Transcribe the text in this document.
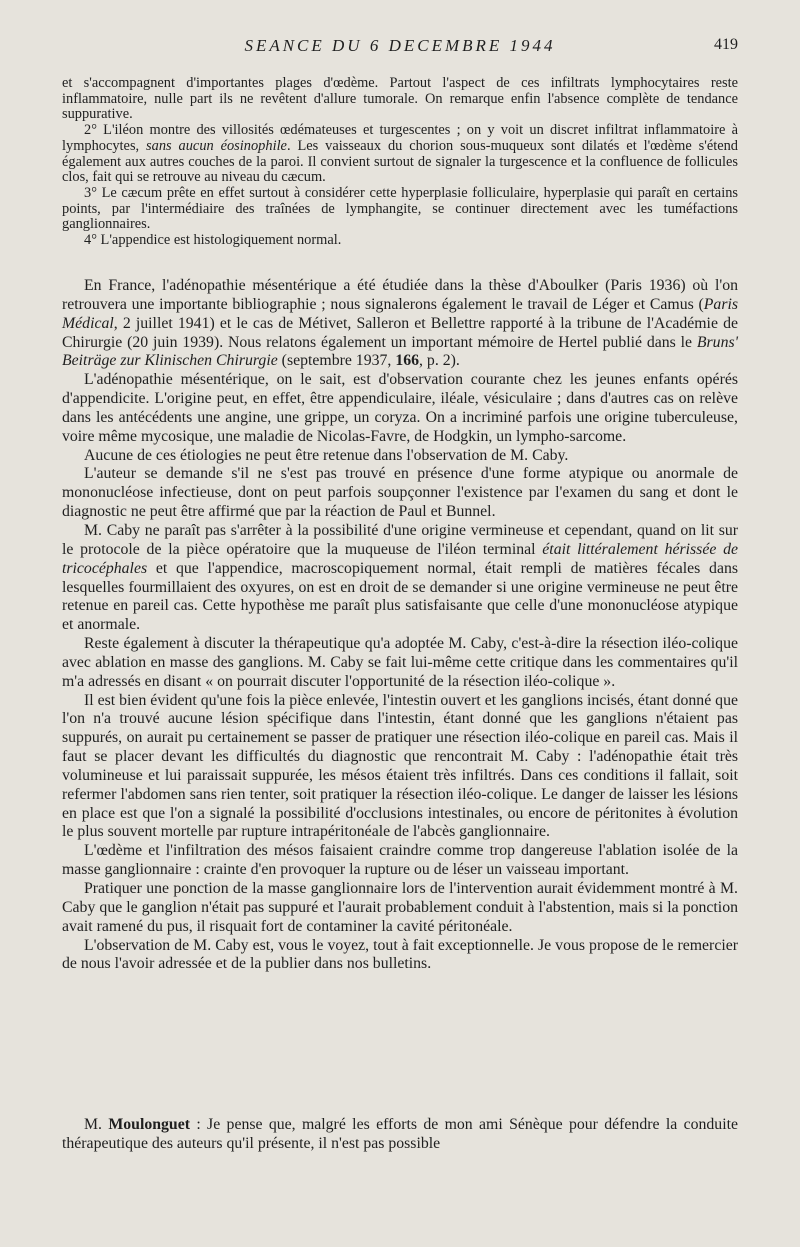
SEANCE DU 6 DECEMBRE 1944	419

et s'accompagnent d'importantes plages d'œdème. Partout l'aspect de ces infiltrats lymphocytaires reste inflammatoire, nulle part ils ne revêtent d'allure tumorale. On remarque enfin l'absence complète de tendance suppurative.

2° L'iléon montre des villosités œdémateuses et turgescentes ; on y voit un discret infiltrat inflammatoire à lymphocytes, sans aucun éosinophile. Les vaisseaux du chorion sous-muqueux sont dilatés et l'œdème s'étend également aux autres couches de la paroi. Il convient surtout de signaler la turgescence et la confluence de follicules clos, fait qui se retrouve au niveau du cæcum.

3° Le cæcum prête en effet surtout à considérer cette hyperplasie folliculaire, hyperplasie qui paraît en certains points, par l'intermédiaire des traînées de lymphangite, se continuer directement avec les tuméfactions ganglionnaires.

4° L'appendice est histologiquement normal.

En France, l'adénopathie mésentérique a été étudiée dans la thèse d'Aboulker (Paris 1936) où l'on retrouvera une importante bibliographie ; nous signalerons également le travail de Léger et Camus (Paris Médical, 2 juillet 1941) et le cas de Métivet, Salleron et Bellettre rapporté à la tribune de l'Académie de Chirurgie (20 juin 1939). Nous relatons également un important mémoire de Hertel publié dans le Bruns' Beiträge zur Klinischen Chirurgie (septembre 1937, 166, p. 2).

L'adénopathie mésentérique, on le sait, est d'observation courante chez les jeunes enfants opérés d'appendicite. L'origine peut, en effet, être appendiculaire, iléale, vésiculaire ; dans d'autres cas on relève dans les antécédents une angine, une grippe, un coryza. On a incriminé parfois une origine tuberculeuse, voire même mycosique, une maladie de Nicolas-Favre, de Hodgkin, un lympho-sarcome.

Aucune de ces étiologies ne peut être retenue dans l'observation de M. Caby.

L'auteur se demande s'il ne s'est pas trouvé en présence d'une forme atypique ou anormale de mononucléose infectieuse, dont on peut parfois soupçonner l'existence par l'examen du sang et dont le diagnostic ne peut être affirmé que par la réaction de Paul et Bunnel.

M. Caby ne paraît pas s'arrêter à la possibilité d'une origine vermineuse et cependant, quand on lit sur le protocole de la pièce opératoire que la muqueuse de l'iléon terminal était littéralement hérissée de tricocéphales et que l'appendice, macroscopiquement normal, était rempli de matières fécales dans lesquelles fourmillaient des oxyures, on est en droit de se demander si une origine vermineuse ne peut être retenue en pareil cas. Cette hypothèse me paraît plus satisfaisante que celle d'une mononucléose atypique et anormale.

Reste également à discuter la thérapeutique qu'a adoptée M. Caby, c'est-à-dire la résection iléo-colique avec ablation en masse des ganglions. M. Caby se fait lui-même cette critique dans les commentaires qu'il m'a adressés en disant « on pourrait discuter l'opportunité de la résection iléo-colique ».

Il est bien évident qu'une fois la pièce enlevée, l'intestin ouvert et les ganglions incisés, étant donné que l'on n'a trouvé aucune lésion spécifique dans l'intestin, étant donné que les ganglions n'étaient pas suppurés, on aurait pu certainement se passer de pratiquer une résection iléo-colique en pareil cas. Mais il faut se placer devant les difficultés du diagnostic que rencontrait M. Caby : l'adénopathie était très volumineuse et lui paraissait suppurée, les mésos étaient très infiltrés. Dans ces conditions il fallait, soit refermer l'abdomen sans rien tenter, soit pratiquer la résection iléo-colique. Le danger de laisser les lésions en place est que l'on a signalé la possibilité d'occlusions intestinales, ou encore de péritonites à évolution le plus souvent mortelle par rupture intrapéritonéale de l'abcès ganglionnaire.

L'œdème et l'infiltration des mésos faisaient craindre comme trop dangereuse l'ablation isolée de la masse ganglionnaire : crainte d'en provoquer la rupture ou de léser un vaisseau important.

Pratiquer une ponction de la masse ganglionnaire lors de l'intervention aurait évidemment montré à M. Caby que le ganglion n'était pas suppuré et l'aurait probablement conduit à l'abstention, mais si la ponction avait ramené du pus, il risquait fort de contaminer la cavité péritonéale.

L'observation de M. Caby est, vous le voyez, tout à fait exceptionnelle. Je vous propose de le remercier de nous l'avoir adressée et de la publier dans nos bulletins.

M. Moulonguet : Je pense que, malgré les efforts de mon ami Sénèque pour défendre la conduite thérapeutique des auteurs qu'il présente, il n'est pas possible
